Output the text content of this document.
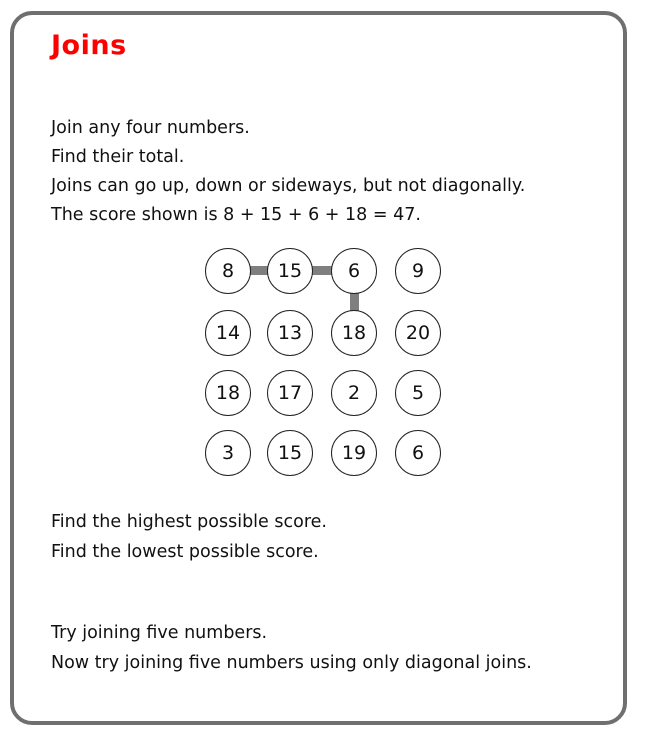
Joins
Join any four numbers.
Find their total.
Joins can go up, down or sideways, but not diagonally.
The score shown is 8 + 15 + 6 + 18 = 47.
8	15	6	9
14	13	18	20
18	17	2	5
3	15	19	6
Find the highest possible score.
Find the lowest possible score.
Try joining five numbers.
Now try joining five numbers using only diagonal joins.
